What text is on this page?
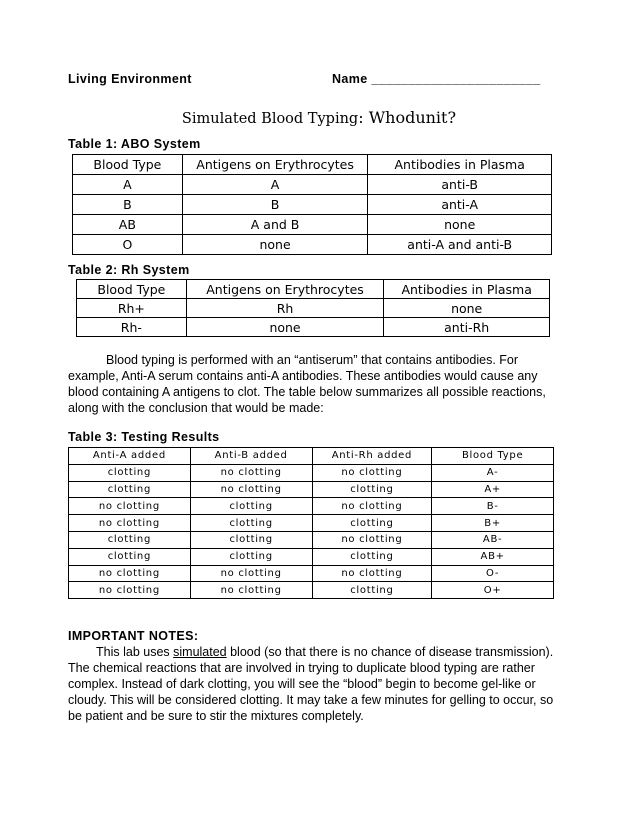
Living Environment	Name _______________________
Simulated Blood Typing: Whodunit?
Table 1: ABO System
Blood Type	Antigens on Erythrocytes	Antibodies in Plasma
A	A	anti-B
B	B	anti-A
AB	A and B	none
O	none	anti-A and anti-B
Table 2: Rh System
Blood Type	Antigens on Erythrocytes	Antibodies in Plasma
Rh+	Rh	none
Rh-	none	anti-Rh
Blood typing is performed with an “antiserum” that contains antibodies. For
example, Anti-A serum contains anti-A antibodies. These antibodies would cause any
blood containing A antigens to clot. The table below summarizes all possible reactions,
along with the conclusion that would be made:
Table 3: Testing Results
Anti-A added	Anti-B added	Anti-Rh added	Blood Type
clotting	no clotting	no clotting	A-
clotting	no clotting	clotting	A+
no clotting	clotting	no clotting	B-
no clotting	clotting	clotting	B+
clotting	clotting	no clotting	AB-
clotting	clotting	clotting	AB+
no clotting	no clotting	no clotting	O-
no clotting	no clotting	clotting	O+
IMPORTANT NOTES:
This lab uses simulated blood (so that there is no chance of disease transmission).
The chemical reactions that are involved in trying to duplicate blood typing are rather
complex. Instead of dark clotting, you will see the “blood” begin to become gel-like or
cloudy. This will be considered clotting. It may take a few minutes for gelling to occur, so
be patient and be sure to stir the mixtures completely.
